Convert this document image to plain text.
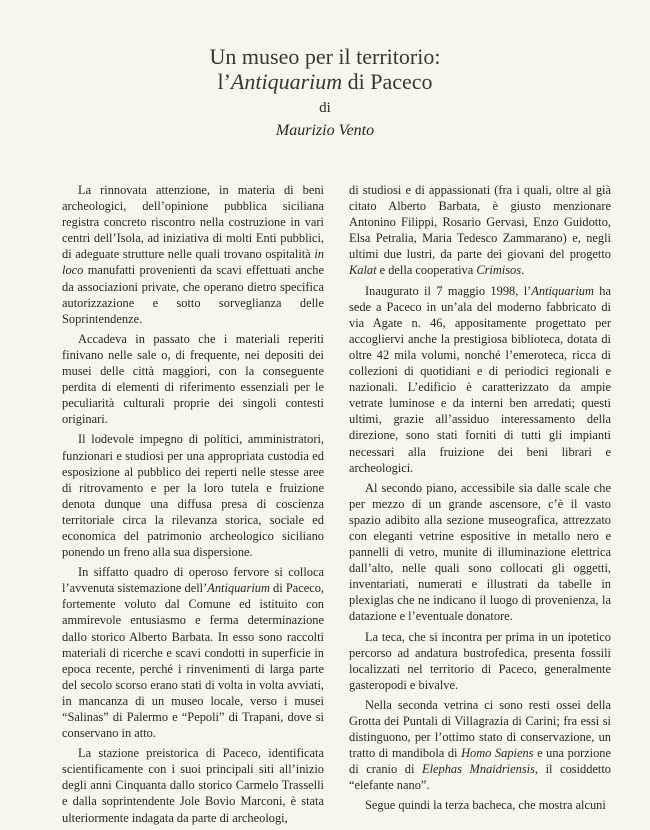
Un museo per il territorio:
l’Antiquarium di Paceco
di
Maurizio Vento

La rinnovata attenzione, in materia di beni archeologici, dell’opinione pubblica siciliana registra concreto riscontro nella costruzione in vari centri dell’Isola, ad iniziativa di molti Enti pubblici, di adeguate strutture nelle quali trovano ospitalità in loco manufatti provenienti da scavi effettuati anche da associazioni private, che operano dietro specifica autorizzazione e sotto sorveglianza delle Soprintendenze.

Accadeva in passato che i materiali reperiti finivano nelle sale o, di frequente, nei depositi dei musei delle città maggiori, con la conseguente perdita di elementi di riferimento essenziali per le peculiarità culturali proprie dei singoli contesti originari.

Il lodevole impegno di politici, amministratori, funzionari e studiosi per una appropriata custodia ed esposizione al pubblico dei reperti nelle stesse aree di ritrovamento e per la loro tutela e fruizione denota dunque una diffusa presa di coscienza territoriale circa la rilevanza storica, sociale ed economica del patrimonio archeologico siciliano ponendo un freno alla sua dispersione.

In siffatto quadro di operoso fervore si colloca l’avvenuta sistemazione dell’Antiquarium di Paceco, fortemente voluto dal Comune ed istituito con ammirevole entusiasmo e ferma determinazione dallo storico Alberto Barbata. In esso sono raccolti materiali di ricerche e scavi condotti in superficie in epoca recente, perché i rinvenimenti di larga parte del secolo scorso erano stati di volta in volta avviati, in mancanza di un museo locale, verso i musei “Salinas” di Palermo e “Pepoli” di Trapani, dove si conservano in atto.

La stazione preistorica di Paceco, identificata scientificamente con i suoi principali siti all’inizio degli anni Cinquanta dallo storico Carmelo Trasselli e dalla soprintendente Jole Bovio Marconi, è stata ulteriormente indagata da parte di archeologi,

di studiosi e di appassionati (fra i quali, oltre al già citato Alberto Barbata, è giusto menzionare Antonino Filippi, Rosario Gervasi, Enzo Guidotto, Elsa Petralia, Maria Tedesco Zammarano) e, negli ultimi due lustri, da parte dei giovani del progetto Kalat e della cooperativa Crimisos.

Inaugurato il 7 maggio 1998, l’Antiquarium ha sede a Paceco in un’ala del moderno fabbricato di via Agate n. 46, appositamente progettato per accogliervi anche la prestigiosa biblioteca, dotata di oltre 42 mila volumi, nonché l’emeroteca, ricca di collezioni di quotidiani e di periodici regionali e nazionali. L’edificio è caratterizzato da ampie vetrate luminose e da interni ben arredati; questi ultimi, grazie all’assiduo interessamento della direzione, sono stati forniti di tutti gli impianti necessari alla fruizione dei beni librari e archeologici.

Al secondo piano, accessibile sia dalle scale che per mezzo di un grande ascensore, c’è il vasto spazio adibito alla sezione museografica, attrezzato con eleganti vetrine espositive in metallo nero e pannelli di vetro, munite di illuminazione elettrica dall’alto, nelle quali sono collocati gli oggetti, inventariati, numerati e illustrati da tabelle in plexiglas che ne indicano il luogo di provenienza, la datazione e l’eventuale donatore.

La teca, che si incontra per prima in un ipotetico percorso ad andatura bustrofedica, presenta fossili localizzati nel territorio di Paceco, generalmente gasteropodi e bivalve.

Nella seconda vetrina ci sono resti ossei della Grotta dei Puntali di Villagrazia di Carini; fra essi si distinguono, per l’ottimo stato di conservazione, un tratto di mandibola di Homo Sapiens e una porzione di cranio di Elephas Mnaidriensis, il cosiddetto “elefante nano”.

Segue quindi la terza bacheca, che mostra alcuni
